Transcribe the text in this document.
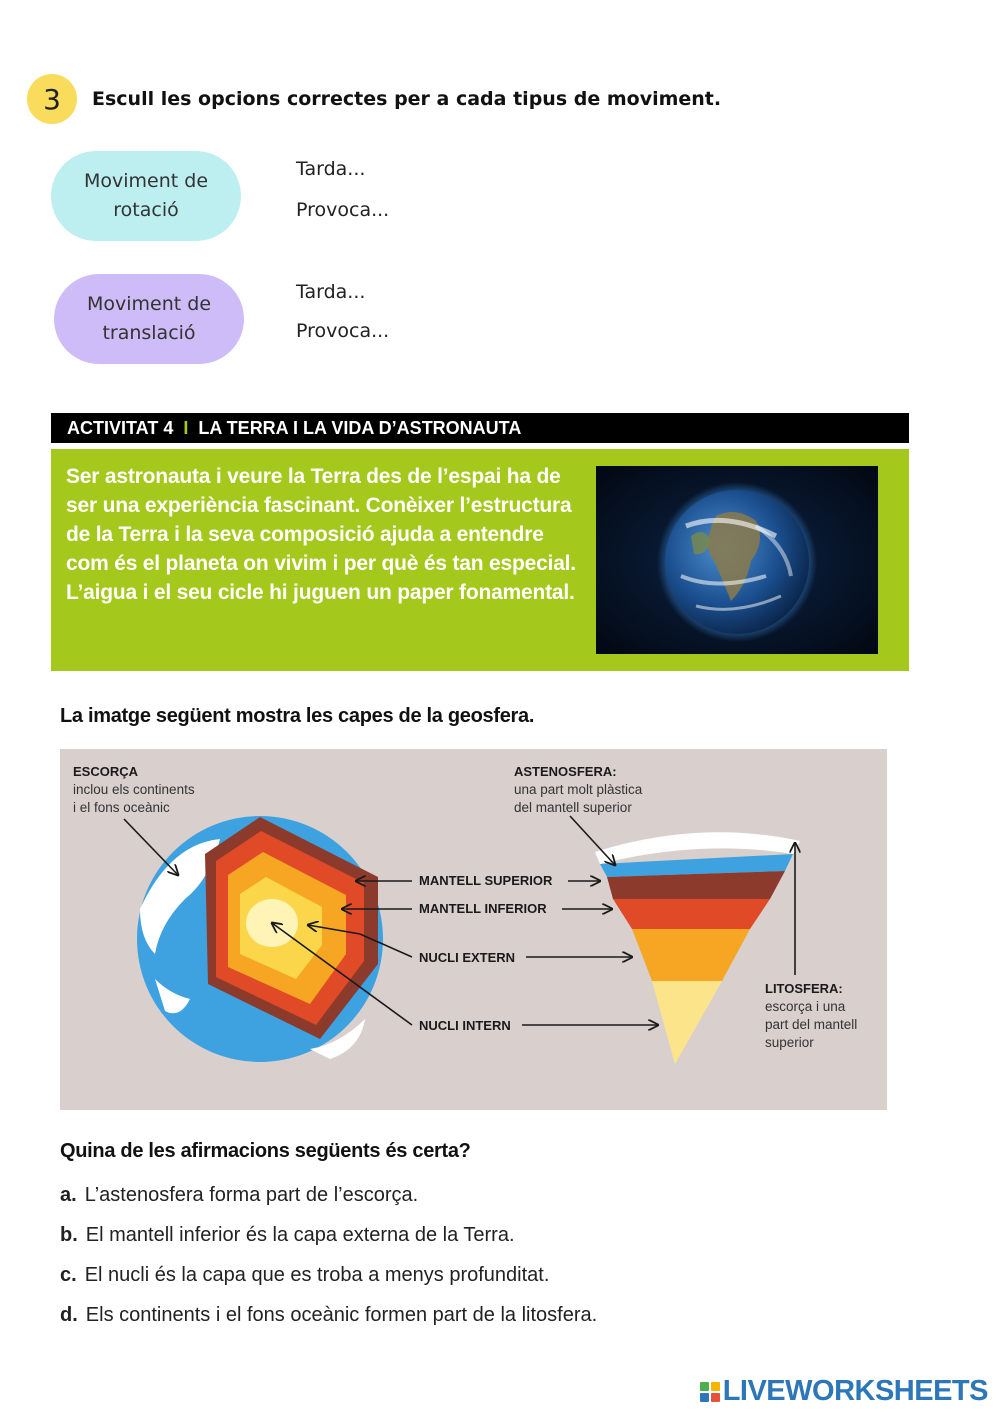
3 Escull les opcions correctes per a cada tipus de moviment.
Moviment de rotació
Tarda...
Provoca...
Moviment de translació
Tarda...
Provoca...
ACTIVITAT 4 I LA TERRA I LA VIDA D’ASTRONAUTA
Ser astronauta i veure la Terra des de l’espai ha de ser una experiència fascinant. Conèixer l’estructura de la Terra i la seva composició ajuda a entendre com és el planeta on vivim i per què és tan especial. L’aigua i el seu cicle hi juguen un paper fonamental.
La imatge següent mostra les capes de la geosfera.
ESCORÇA
inclou els continents
i el fons oceànic
ASTENOSFERA:
una part molt plàstica
del mantell superior
MANTELL SUPERIOR
MANTELL INFERIOR
NUCLI EXTERN
NUCLI INTERN
LITOSFERA:
escorça i una
part del mantell
superior
Quina de les afirmacions següents és certa?
a. L’astenosfera forma part de l’escorça.
b. El mantell inferior és la capa externa de la Terra.
c. El nucli és la capa que es troba a menys profunditat.
d. Els continents i el fons oceànic formen part de la litosfera.
LIVEWORKSHEETS
